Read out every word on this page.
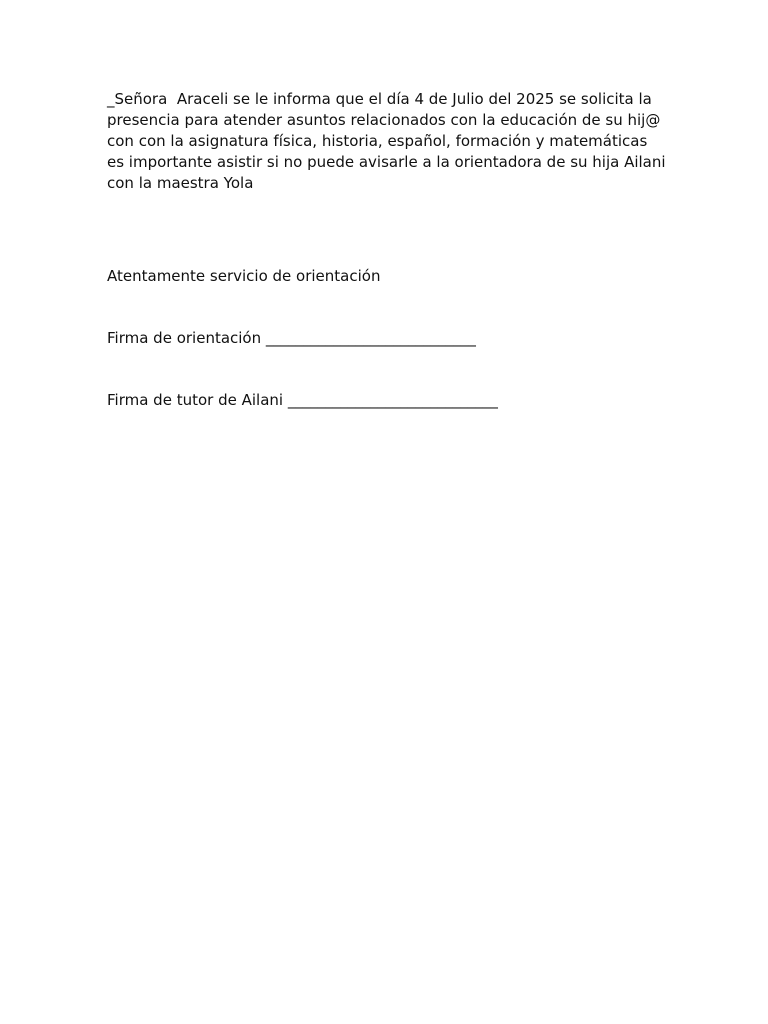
_Señora  Araceli se le informa que el día 4 de Julio del 2025 se solicita la presencia para atender asuntos relacionados con la educación de su hij@ con con la asignatura física, historia, español, formación y matemáticas es importante asistir si no puede avisarle a la orientadora de su hija Ailani con la maestra Yola

Atentamente servicio de orientación

Firma de orientación ____________________________

Firma de tutor de Ailani ____________________________
